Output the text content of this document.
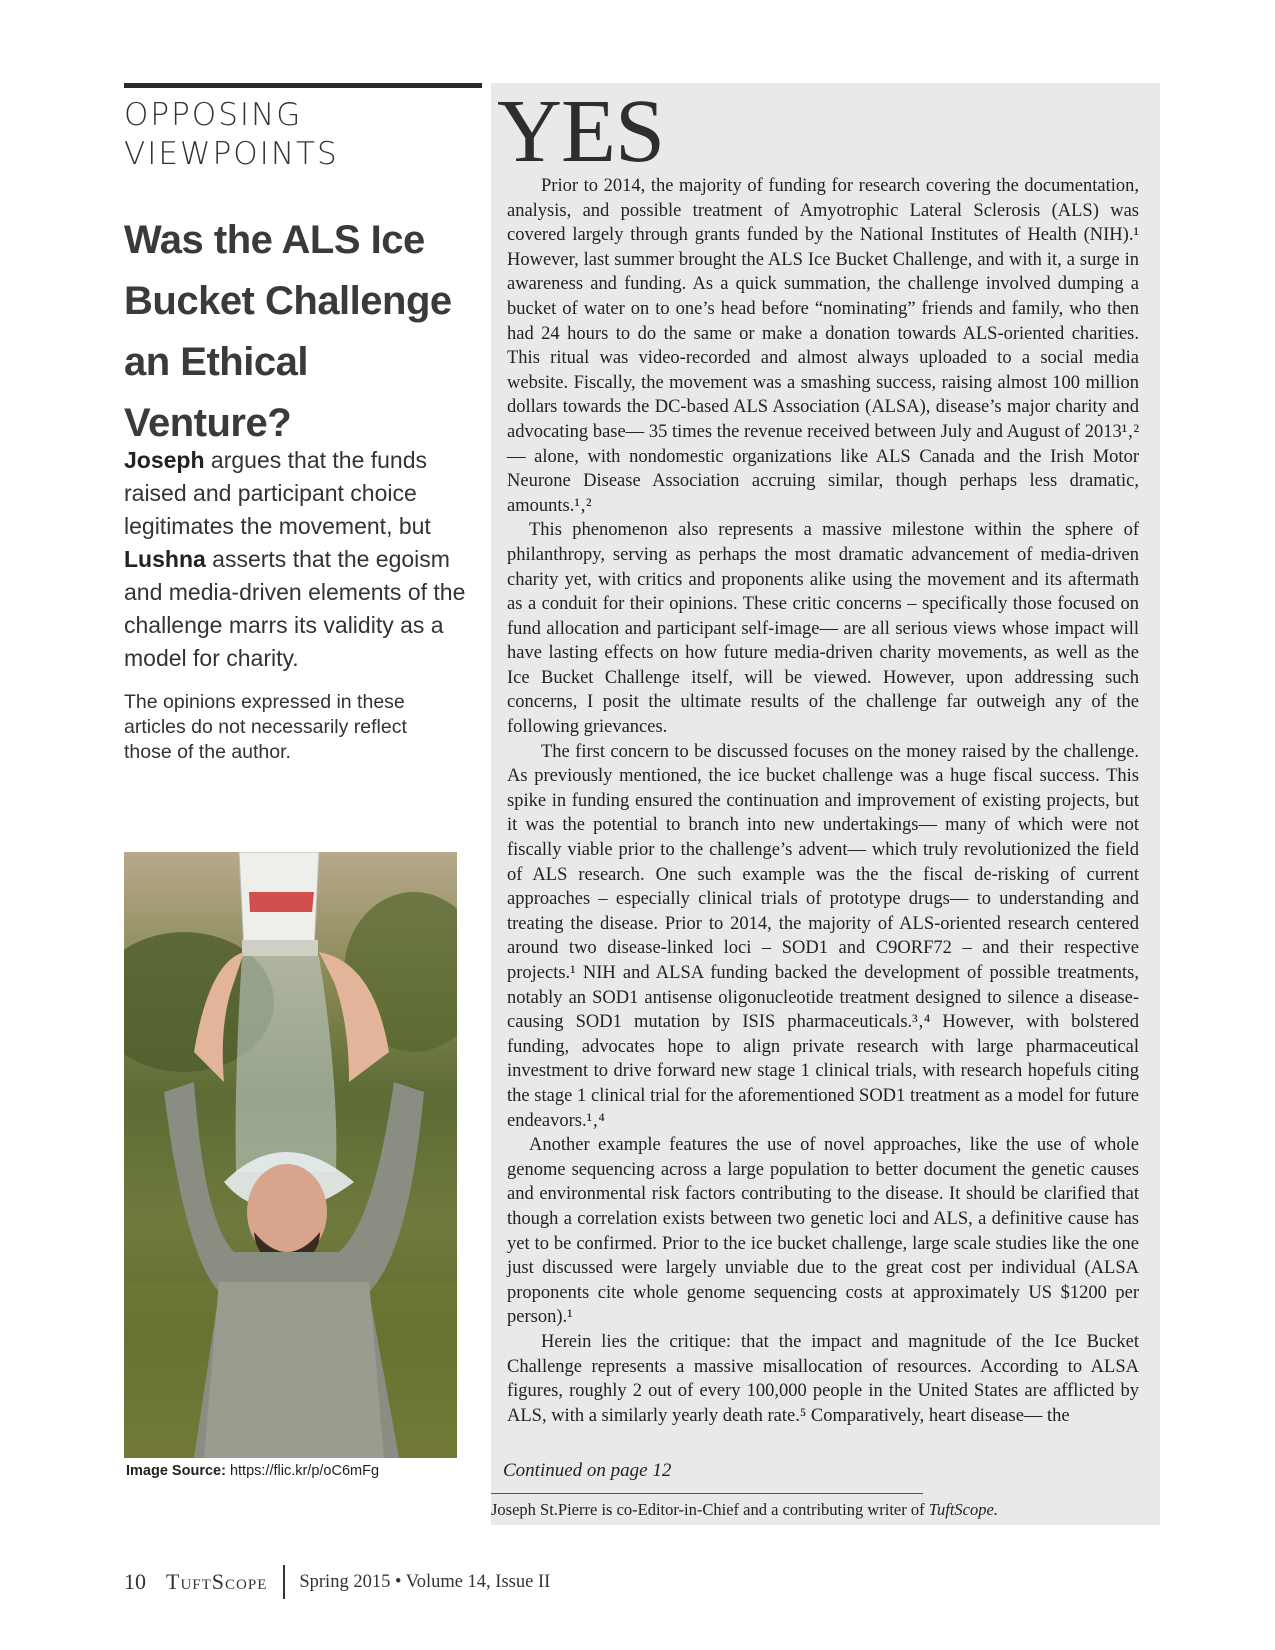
OPPOSING
VIEWPOINTS
Was the ALS Ice Bucket Challenge an Ethical Venture?
Joseph argues that the funds raised and participant choice legitimates the movement, but Lushna asserts that the egoism and media-driven elements of the challenge marrs its validity as a model for charity.
The opinions expressed in these articles do not necessarily reflect those of the author.
Image Source: https://flic.kr/p/oC6mFg
YES

Prior to 2014, the majority of funding for research covering the documentation, analysis, and possible treatment of Amyotrophic Lateral Sclerosis (ALS) was covered largely through grants funded by the National Institutes of Health (NIH).¹ However, last summer brought the ALS Ice Bucket Challenge, and with it, a surge in awareness and funding. As a quick summation, the challenge involved dumping a bucket of water on to one’s head before “nominating” friends and family, who then had 24 hours to do the same or make a donation towards ALS-oriented charities. This ritual was video-recorded and almost always uploaded to a social media website. Fiscally, the movement was a smashing success, raising almost 100 million dollars towards the DC-based ALS Association (ALSA), disease’s major charity and advocating base— 35 times the revenue received between July and August of 2013¹‚²— alone, with nondomestic organizations like ALS Canada and the Irish Motor Neurone Disease Association accruing similar, though perhaps less dramatic, amounts.¹‚²

This phenomenon also represents a massive milestone within the sphere of philanthropy, serving as perhaps the most dramatic advancement of media-driven charity yet, with critics and proponents alike using the movement and its aftermath as a conduit for their opinions. These critic concerns – specifically those focused on fund allocation and participant self-image— are all serious views whose impact will have lasting effects on how future media-driven charity movements, as well as the Ice Bucket Challenge itself, will be viewed. However, upon addressing such concerns, I posit the ultimate results of the challenge far outweigh any of the following grievances.

The first concern to be discussed focuses on the money raised by the challenge. As previously mentioned, the ice bucket challenge was a huge fiscal success. This spike in funding ensured the continuation and improvement of existing projects, but it was the potential to branch into new undertakings— many of which were not fiscally viable prior to the challenge’s advent— which truly revolutionized the field of ALS research. One such example was the the fiscal de-risking of current approaches – especially clinical trials of prototype drugs— to understanding and treating the disease. Prior to 2014, the majority of ALS-oriented research centered around two disease-linked loci – SOD1 and C9ORF72 – and their respective projects.¹ NIH and ALSA funding backed the development of possible treatments, notably an SOD1 antisense oligonucleotide treatment designed to silence a disease-causing SOD1 mutation by ISIS pharmaceuticals.³‚⁴ However, with bolstered funding, advocates hope to align private research with large pharmaceutical investment to drive forward new stage 1 clinical trials, with research hopefuls citing the stage 1 clinical trial for the aforementioned SOD1 treatment as a model for future endeavors.¹‚⁴

Another example features the use of novel approaches, like the use of whole genome sequencing across a large population to better document the genetic causes and environmental risk factors contributing to the disease. It should be clarified that though a correlation exists between two genetic loci and ALS, a definitive cause has yet to be confirmed. Prior to the ice bucket challenge, large scale studies like the one just discussed were largely unviable due to the great cost per individual (ALSA proponents cite whole genome sequencing costs at approximately US $1200 per person).¹

Herein lies the critique: that the impact and magnitude of the Ice Bucket Challenge represents a massive misallocation of resources. According to ALSA figures, roughly 2 out of every 100,000 people in the United States are afflicted by ALS, with a similarly yearly death rate.⁵ Comparatively, heart disease— the

Continued on page 12
Joseph St.Pierre is co-Editor-in-Chief and a contributing writer of TuftScope.
10 TuftScope Spring 2015 • Volume 14, Issue II
